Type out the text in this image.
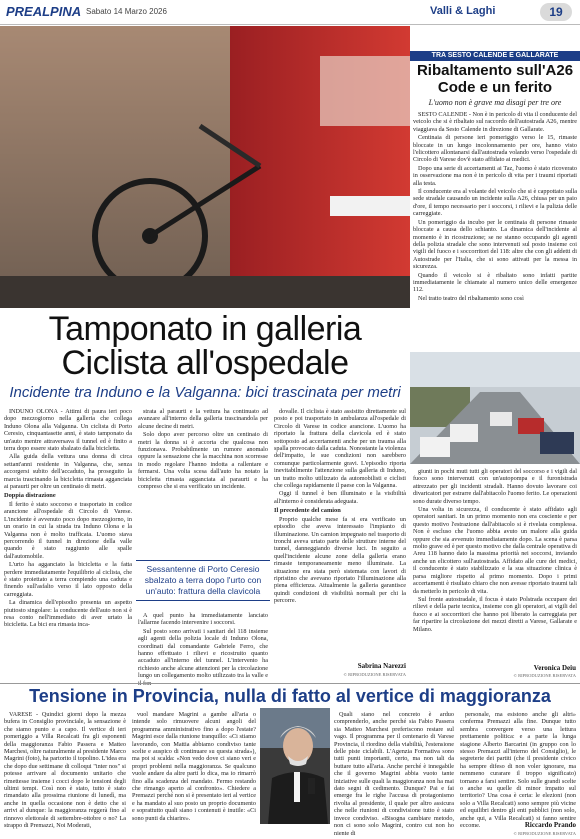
PREALPINA Sabato 14 Marzo 2026	Valli & Laghi	19
TRA SESTO CALENDE E GALLARATE
Ribaltamento sull'A26 Code e un ferito
L'uomo non è grave ma disagi per tre ore

SESTO CALENDE - Non è in pericolo di vita il conducente del veicolo che si è ribaltato sul raccordo dell'autostrada A26, mentre viaggiava da Sesto Calende in direzione di Gallarate.

Centinaia di persone ieri pomeriggio verso le 15, rimaste bloccate in un lungo incolonnamento per ore, hanno visto l'elicottero allontanarsi dall'autostrada volando verso l'ospedale di Circolo di Varese dov'è stato affidato ai medici.

Dopo una serie di accertamenti ai Taz, l'uomo è stato ricoverato in osservazione ma non è in pericolo di vita per i traumi riportati alla testa.

Il conducente era al volante del veicolo che si è cappottato sulla sede stradale causando un incidente sulla A26, chiusa per un paio d'ore, il tempo necessario per i soccorsi, i rilievi e la pulizia delle carreggiate.

Un pomeriggio da incubo per le centinaia di persone rimaste bloccate a causa dello schianto. La dinamica dell'incidente al momento è in ricostruzione; se ne stanno occupando gli agenti della polizia stradale che sono intervenuti sul posto insieme coi vigili del fuoco e i soccorritori del 118: altre che con gli addetti di Autostrade per l'Italia, che si sono attivati per la messa in sicurezza.

Quando il veicolo si è ribaltato sono infatti partite immediatamente le chiamate al numero unico delle emergenze 112.

Nel tratto teatro del ribaltamento sono così

giunti in pochi muti tutti gli operatori del soccorso e i vigili dal fuoco sono intervenuti con un'autopompa e il furonistrada attrezzato per gli incidenti stradali. Hanno dovuto lavorare coi divaricatori per estrarre dall'abitacolo l'uomo ferito. Le operazioni sono durate diverso tempo.

Una volta in sicurezza, il conducente è stato affidato agli operatori sanitari. In un primo momento non era cosciente e per questo motivo l'estrazione dall'abitacolo si è rivelata complessa. Non è escluso che l'uomo abbia avuto un malore alla guida oppure che sia avvenuto immediatamente dopo. La scena è parsa molto grave ed è per questo motivo che dalla centrale operativa di Areu 118 hanno dato la massima priorità nei soccorsi, inviando anche un elicottero sull'autostrada. Affidato alle cure dei medici, il conducente è stato stabilizzato e la sua situazione clinica è parsa migliore rispetto al primo momento. Dopo i primi accertamenti è risultato chiaro che non avesse riportato traumi tali da metterlo in pericolo di vita.

Sul fronte autostradale, il focus è stato Polstrada occupare dei rilievi e della parte tecnica, insieme con gli operatori, ai vigili del fuoco e ai soccorritori che hanno poi liberato la carreggiata per far ripartire la circolazione dei mezzi diretti a Varese, Gallarate e Milano.

Veronica Deiu
© RIPRODUZIONE RISERVATA
Tamponato in galleria
Ciclista all'ospedale
Incidente tra Induno e la Valganna: bici trascinata per metri

INDUNO OLONA - Attimi di paura ieri poco dopo mezzogiorno nella galleria che collega Induno Olona alla Valganna. Un ciclista di Porto Ceresio, cinquantasette anni, è stato tamponato da un'auto mentre attraversava il tunnel ed è finito a terra dopo essere stato sbalzato dalla bicicletta.

Alla guida della vettura una donna di circa settant'anni residente in Valganna, che, senza accorgersi subito dell'accaduto, ha proseguito la marcia trascinando la bicicletta rimasta agganciata ai paraurti per oltre un centinaio di metri.

Doppia distrazione

Il ferito è stato soccorso e trasportato in codice arancione all'ospedale di Circolo di Varese. L'incidente è avvenuto poco dopo mezzogiorno, in un orario in cui la strada tra Induno Olona e la Valganna non è molto trafficata. L'uomo stava percorrendo il tunnel in direzione della valle quando è stato raggiunto alle spalle dall'automobile.

L'urto ha agganciato la bicicletta e la fatta perdere immediatamente l'equilibrio al ciclista, che è stato proiettato a terra compiendo una caduta e finendo sull'asfalto verso il lato opposto della carreggiata.

La dinamica dell'episodio presenta un aspetto piuttosto singolare: la conducente dell'auto non si è resa conto nell'immediato di aver urtato la bicicletta. La bici era rimasta inca-

strata al paraurti e la vettura ha continuato ad avanzare all'interno della galleria trascinandola per alcune decine di metri.

Solo dopo aver percorso oltre un centinaio di metri la donna si è accorta che qualcosa non funzionava. Probabilmente un rumore anomalo oppure la sensazione che la macchina non scorresse in modo regolare l'hanno indotta a rallentare e fermarsi. Una volta scesa dall'auto ha notato la bicicletta rimasta agganciata al paraurti e ha compreso che si era verificato un incidente.

Sessantenne di Porto Ceresio sbalzato a terra dopo l'urto con un'auto: frattura della clavicola

A quel punto ha immediatamente lanciato l'allarme facendo intervenire i soccorsi.

Sul posto sono arrivati i sanitari del 118 insieme agli agenti della polizia locale di Induno Olona, coordinati dal comandante Gabriele Ferro, che hanno effettuato i rilievi e ricostruito quanto accaduto all'interno del tunnel. L'intervento ha richiesto anche alcune attenzioni per la circolazione lungo un collegamento molto utilizzato tra la valle e

dovalle. Il ciclista è stato assistito direttamente sul posto e poi trasportato in ambulanza all'ospedale di Circolo di Varese in codice arancione. L'uomo ha riportato la frattura della clavicola ed è stato sottoposto ad accertamenti anche per un trauma alla spalla provocato dalla caduta. Nonostante la violenza dell'impatto, le sue condizioni non sarebbero comunque particolarmente gravi. L'episodio riporta inevitabilmente l'attenzione sulla galleria di Induno, un tratto molto utilizzato da automobilisti e ciclisti che collega rapidamente il paese con la Valganna.

Oggi il tunnel è ben illuminato e la visibilità all'interno è considerata adeguata.

Il precedente del camion

Proprio qualche mese fa si era verificato un episodio che aveva interessato l'impianto di illuminazione. Un camion impegnato nel trasporto di tronchi aveva urtato parte delle strutture interne del tunnel, danneggiando diverse luci. In seguito a quell'incidente alcune zone della galleria erano rimaste temporaneamente meno illuminate. La situazione era stata però sistemata con lavori di ripristino che avevano riportato l'illuminazione alla piena efficienza. Attualmente la galleria garantisce quindi condizioni di visibilità normali per chi la percorre.

Sabrina Narezzi
© RIPRODUZIONE RISERVATA
Tensione in Provincia, nulla di fatto al vertice di maggioranza

VARESE - Quindici giorni dopo la mezza bufera in Consiglio provinciale, la sensazione è che siamo punto e a capo. Il vertice di ieri pomeriggio a Villa Recalcati fra gli esponenti della maggioranza Fabio Passera e Matteo Marchesi, oltre naturalmente al presidente Marco Magrini (foto), ha partorito il topolino. L'idea era che dopo due settimane di colloqui "inter nos" si potesse arrivare al documento unitario che rimettesse insieme i cocci dopo le tensioni degli ultimi tempi. Così non è stato, tutto è stato rimandato alla prossima riunione di lunedì, ma anche in quella occasione non è detto che si arrivi al dunque: la maggioranza reggerà fino al rinnovo elettorale di settembre-ottobre o no? La strappo di Premazzi, Noi Moderati,

vuol mandare Magrini a gambe all'aria o intende solo rimuovere alcuni angoli del programma amministrativo fino a dopo l'estate? Magrini esce dalla riunione tranquillo: «Ci stiamo lavorando, con Mattia abbiamo condiviso tante scelte e auspico di continuare su questa strada»), ma poi si scalda: «Non vedo dove ci siano veri e propri problemi nella maggioranza. Se qualcuno vuole andare da altre parti lo dica, ma io rimarrò fino alla scadenza del mandato. Fermo restando che rimango aperto al confronto». Chiedere a Premazzi perché non si è presentato ieri al vertice e ha mandato al suo posto un proprio documento e soprattutto quali siano i contenuti è inutile: «Ci sono punti da chiarire».

Quali siano nel concreto è arduo comprenderlo, anche perché sia Fabio Passera sia Matteo Marchesi preferiscono restare sul vago. Il programma per il centenario di Varese Provincia, il riordino della viabilità, l'estensione delle piste ciclabili. L'Agenzia Formativa sono tutti punti importanti, certo, ma non tali da buttare tutto all'aria. Anche perché è innegabile che il governo Magrini abbia vuoto tante iniziative sulle quali la maggioranza non ha mai dato segni di cedimento. Dunque? Pai e fai emerge fra le righe l'accusa di protagonismo rivolta al presidente, il quale per altro assicura che nelle riunioni di condivisione tutto è stato invece condiviso. «Bisogna cambiare metodo, non ci sono solo Magrini, contro cui non ho niente di

personale, ma esistono anche gli altri» conferma Premazzi alla fine. Dunque tutto sembra convergere verso una lettura prettamente politica: e a parte la lunga stagione Alberto Barcarini (in gruppo con lo stesso Premazzi all'interno del Consiglio), le segreterie dei partiti (che il presidente civico ha sempre difeso di non voler ignorare, ma nemmeno curarare il troppo significato) tornano a farsi sentire. Solo sulle grandi scelte o anche su quelle di minor impatto sul territorio? Una cosa è certa: le elezioni (non solo a Villa Recalcati) sono sempre più vicine ed equilibri dentro gli enti pubblici (non solo, anche qui, a Villa Recalcati) si fanno sentire eccome.	Riccardo Prando
© RIPRODUZIONE RISERVATA
